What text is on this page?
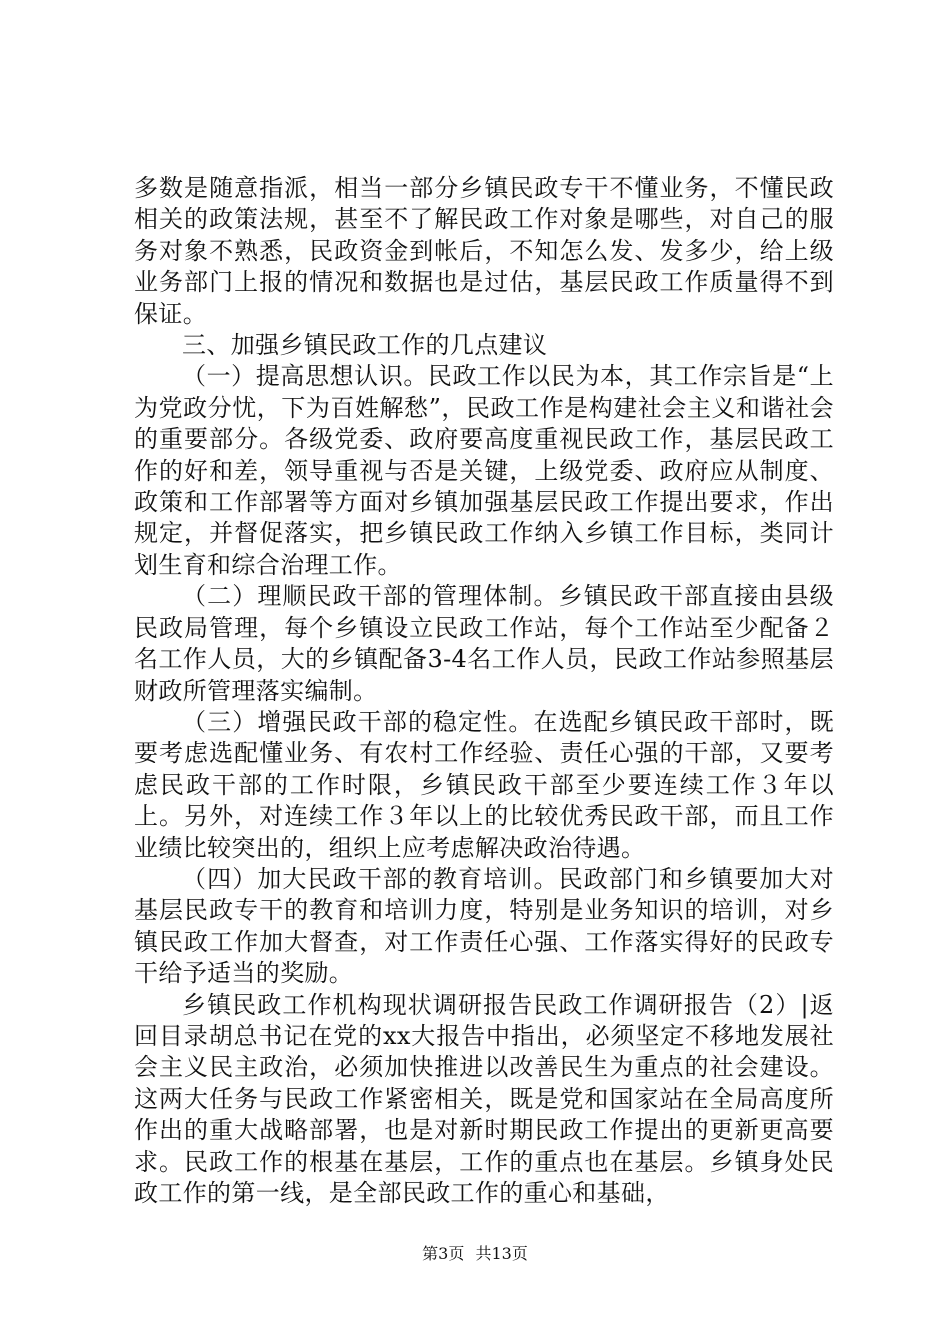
多数是随意指派，相当一部分乡镇民政专干不懂业务，不懂民政相关的政策法规，甚至不了解民政工作对象是哪些，对自己的服务对象不熟悉，民政资金到帐后，不知怎么发、发多少，给上级业务部门上报的情况和数据也是过估，基层民政工作质量得不到保证。

三、加强乡镇民政工作的几点建议

（一）提高思想认识。民政工作以民为本，其工作宗旨是“上为党政分忧，下为百姓解愁”，民政工作是构建社会主义和谐社会的重要部分。各级党委、政府要高度重视民政工作，基层民政工作的好和差，领导重视与否是关键，上级党委、政府应从制度、政策和工作部署等方面对乡镇加强基层民政工作提出要求，作出规定，并督促落实，把乡镇民政工作纳入乡镇工作目标，类同计划生育和综合治理工作。

（二）理顺民政干部的管理体制。乡镇民政干部直接由县级民政局管理，每个乡镇设立民政工作站，每个工作站至少配备２名工作人员，大的乡镇配备3-4名工作人员，民政工作站参照基层财政所管理落实编制。

（三）增强民政干部的稳定性。在选配乡镇民政干部时，既要考虑选配懂业务、有农村工作经验、责任心强的干部，又要考虑民政干部的工作时限，乡镇民政干部至少要连续工作３年以上。另外，对连续工作３年以上的比较优秀民政干部，而且工作业绩比较突出的，组织上应考虑解决政治待遇。

（四）加大民政干部的教育培训。民政部门和乡镇要加大对基层民政专干的教育和培训力度，特别是业务知识的培训，对乡镇民政工作加大督查，对工作责任心强、工作落实得好的民政专干给予适当的奖励。

乡镇民政工作机构现状调研报告民政工作调研报告（2）|返回目录胡总书记在党的xx大报告中指出，必须坚定不移地发展社会主义民主政治，必须加快推进以改善民生为重点的社会建设。这两大任务与民政工作紧密相关，既是党和国家站在全局高度所作出的重大战略部署，也是对新时期民政工作提出的更新更高要求。民政工作的根基在基层，工作的重点也在基层。乡镇身处民政工作的第一线，是全部民政工作的重心和基础，

第3页 共13页
